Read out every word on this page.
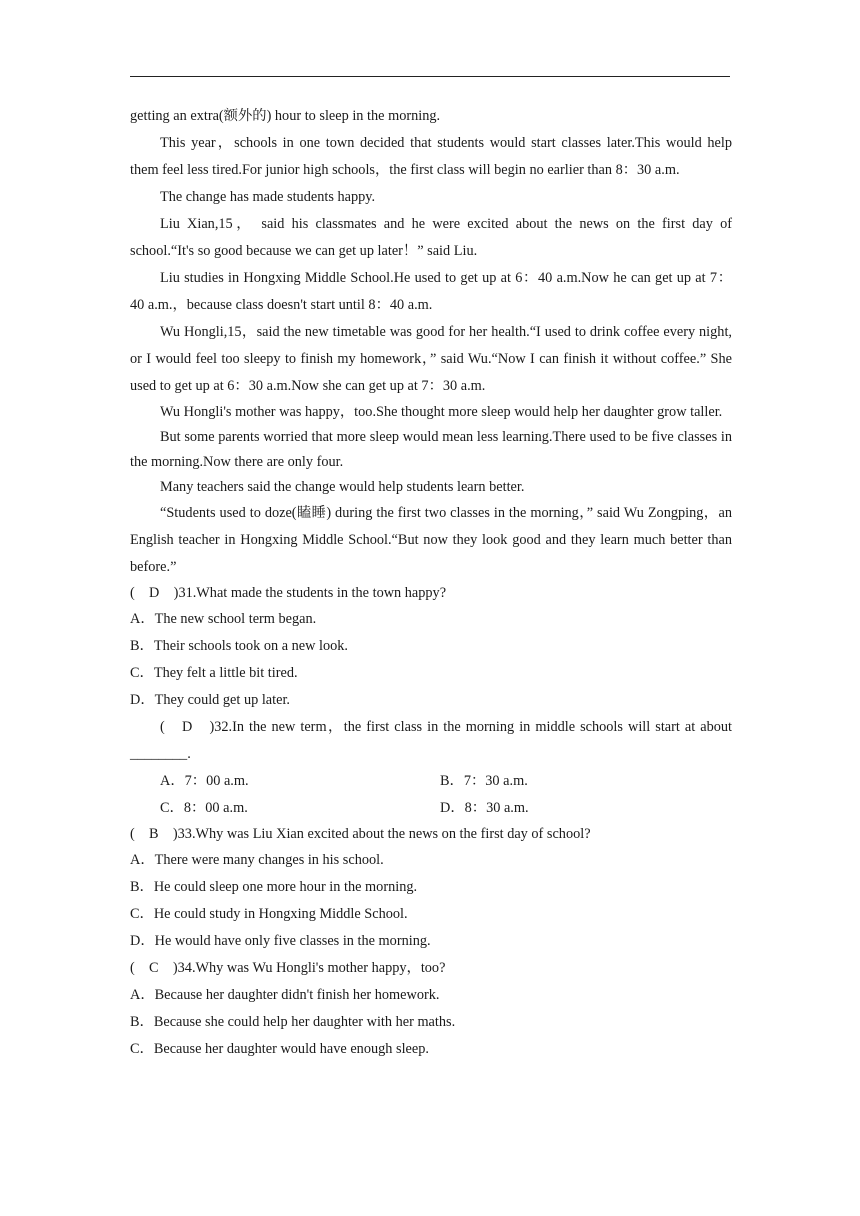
getting an extra(额外的) hour to sleep in the morning.

This year，schools in one town decided that students would start classes later.This would help them feel less tired.For junior high schools，the first class will begin no earlier than 8：30 a.m.

The change has made students happy.

Liu Xian,15， said his classmates and he were excited about the news on the first day of school.“It's so good because we can get up later！” said Liu.

Liu studies in Hongxing Middle School.He used to get up at 6：40 a.m.Now he can get up at 7：40 a.m.，because class doesn't start until 8：40 a.m.

Wu Hongli,15，said the new timetable was good for her health.“I used to drink coffee every night, or I would feel too sleepy to finish my homework，” said Wu.“Now I can finish it without coffee.” She used to get up at 6：30 a.m.Now she can get up at 7：30 a.m.

Wu Hongli's mother was happy，too.She thought more sleep would help her daughter grow taller.

But some parents worried that more sleep would mean less learning.There used to be five classes in the morning.Now there are only four.

Many teachers said the change would help students learn better.

“Students used to doze(瞌睡) during the first two classes in the morning，” said Wu Zongping，an English teacher in Hongxing Middle School.“But now they look good and they learn much better than before.”

(　D　)31.What made the students in the town happy?

A．The new school term began.

B．Their schools took on a new look.

C．They felt a little bit tired.

D．They could get up later.

(　D　)32.In the new term，the first class in the morning in middle schools will start at about ________.

A．7：00 a.m.	B．7：30 a.m.
C．8：00 a.m.	D．8：30 a.m.

(　B　)33.Why was Liu Xian excited about the news on the first day of school?

A．There were many changes in his school.

B．He could sleep one more hour in the morning.

C．He could study in Hongxing Middle School.

D．He would have only five classes in the morning.

(　C　)34.Why was Wu Hongli's mother happy，too?

A．Because her daughter didn't finish her homework.

B．Because she could help her daughter with her maths.

C．Because her daughter would have enough sleep.
